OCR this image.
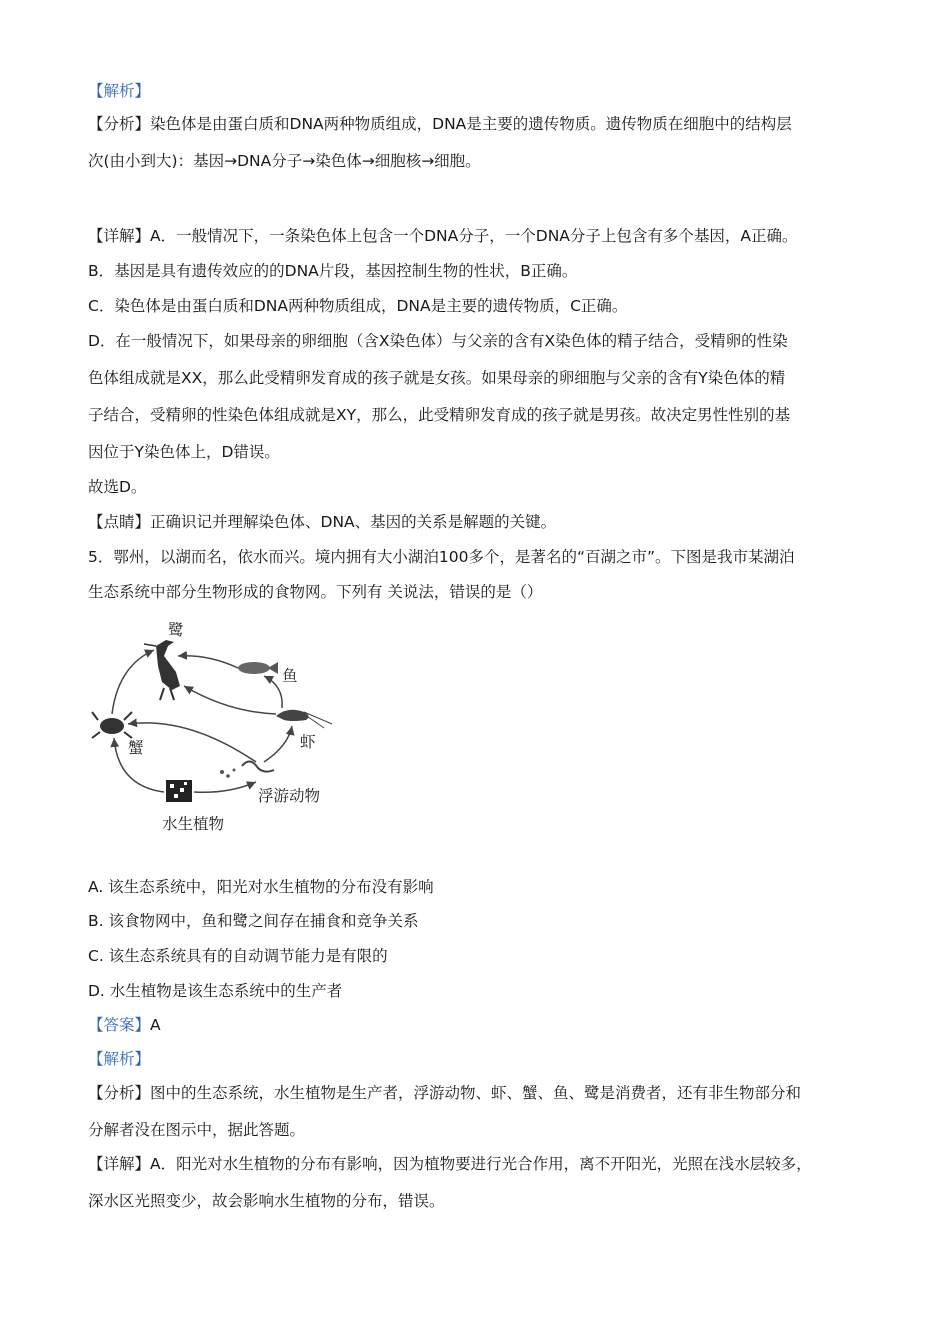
【解析】
【分析】染色体是由蛋白质和DNA两种物质组成，DNA是主要的遗传物质。遗传物质在细胞中的结构层
次(由小到大)：基因→DNA分子→染色体→细胞核→细胞。
【详解】A．一般情况下，一条染色体上包含一个DNA分子，一个DNA分子上包含有多个基因，A正确。
B．基因是具有遗传效应的的DNA片段，基因控制生物的性状，B正确。
C．染色体是由蛋白质和DNA两种物质组成，DNA是主要的遗传物质，C正确。
D．在一般情况下，如果母亲的卵细胞（含X染色体）与父亲的含有X染色体的精子结合，受精卵的性染
色体组成就是XX，那么此受精卵发育成的孩子就是女孩。如果母亲的卵细胞与父亲的含有Y染色体的精
子结合，受精卵的性染色体组成就是XY，那么，此受精卵发育成的孩子就是男孩。故决定男性性别的基
因位于Y染色体上，D错误。
故选D。
【点睛】正确识记并理解染色体、DNA、基因的关系是解题的关键。
5．鄂州，以湖而名，依水而兴。境内拥有大小湖泊100多个，是著名的“百湖之市”。下图是我市某湖泊
生态系统中部分生物形成的食物网。下列有 关说法，错误的是（）
鹭
鱼
虾
蟹
浮游动物
水生植物
A. 该生态系统中，阳光对水生植物的分布没有影响
B. 该食物网中，鱼和鹭之间存在捕食和竞争关系
C. 该生态系统具有的自动调节能力是有限的
D. 水生植物是该生态系统中的生产者
【答案】A
【解析】
【分析】图中的生态系统，水生植物是生产者，浮游动物、虾、蟹、鱼、鹭是消费者，还有非生物部分和
分解者没在图示中，据此答题。
【详解】A．阳光对水生植物的分布有影响，因为植物要进行光合作用，离不开阳光，光照在浅水层较多，
深水区光照变少，故会影响水生植物的分布，错误。
